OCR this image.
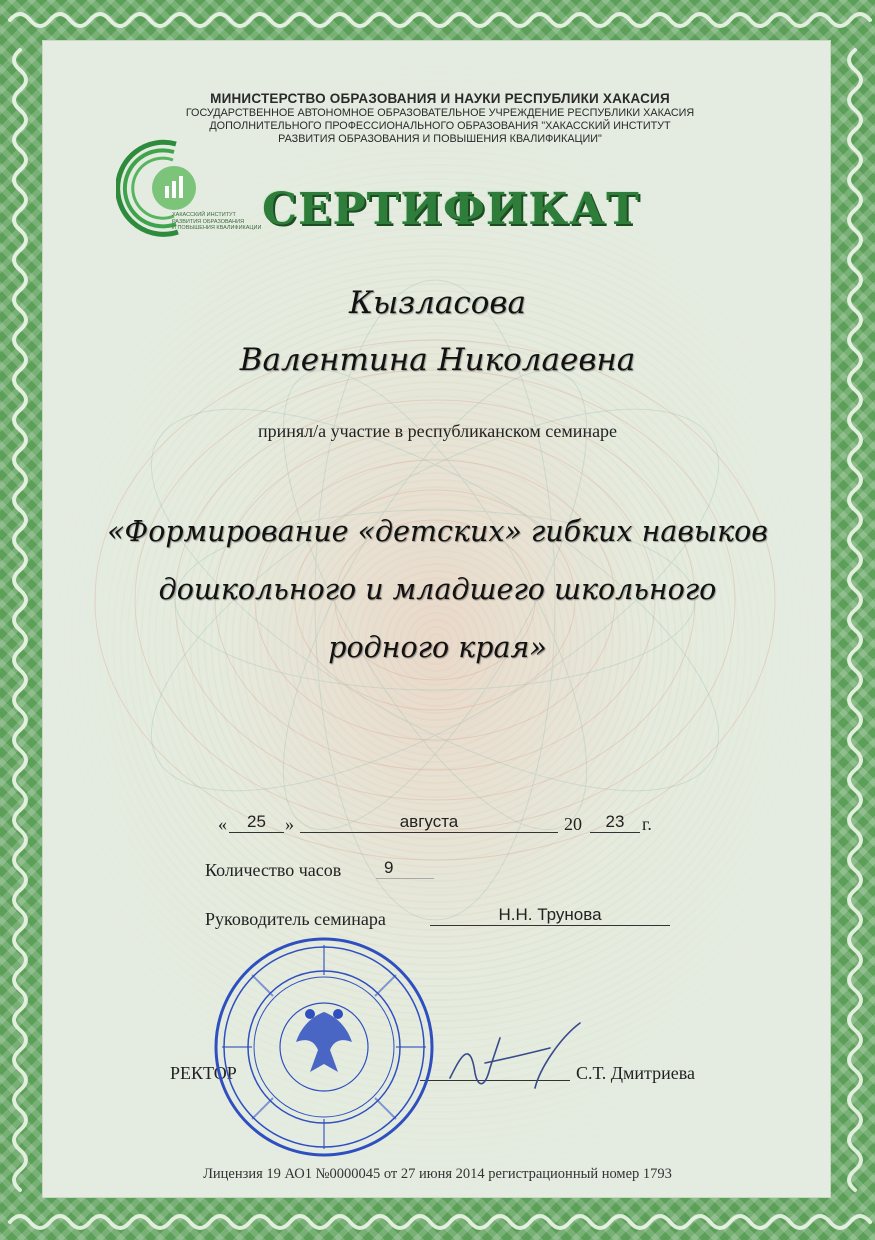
МИНИСТЕРСТВО ОБРАЗОВАНИЯ И НАУКИ РЕСПУБЛИКИ ХАКАСИЯ
ГОСУДАРСТВЕННОЕ АВТОНОМНОЕ ОБРАЗОВАТЕЛЬНОЕ УЧРЕЖДЕНИЕ РЕСПУБЛИКИ ХАКАСИЯ
ДОПОЛНИТЕЛЬНОГО ПРОФЕССИОНАЛЬНОГО ОБРАЗОВАНИЯ "ХАКАССКИЙ ИНСТИТУТ
РАЗВИТИЯ ОБРАЗОВАНИЯ И ПОВЫШЕНИЯ КВАЛИФИКАЦИИ"
ХАКАССКИЙ ИНСТИТУТ
РАЗВИТИЯ ОБРАЗОВАНИЯ
И ПОВЫШЕНИЯ КВАЛИФИКАЦИИ СЕРТИФИКАТ
Кызласова
Валентина Николаевна
принял/а участие в республиканском семинаре
«Формирование «детских» гибких навыков
дошкольного и младшего школьного
родного края»
«	25	»	августа	20	23 г.
Количество часов	9
Руководитель семинара	Н.Н. Трунова
РЕКТОР	С.Т. Дмитриева
Лицензия 19 АО1 №0000045 от 27 июня 2014 регистрационный номер 1793
